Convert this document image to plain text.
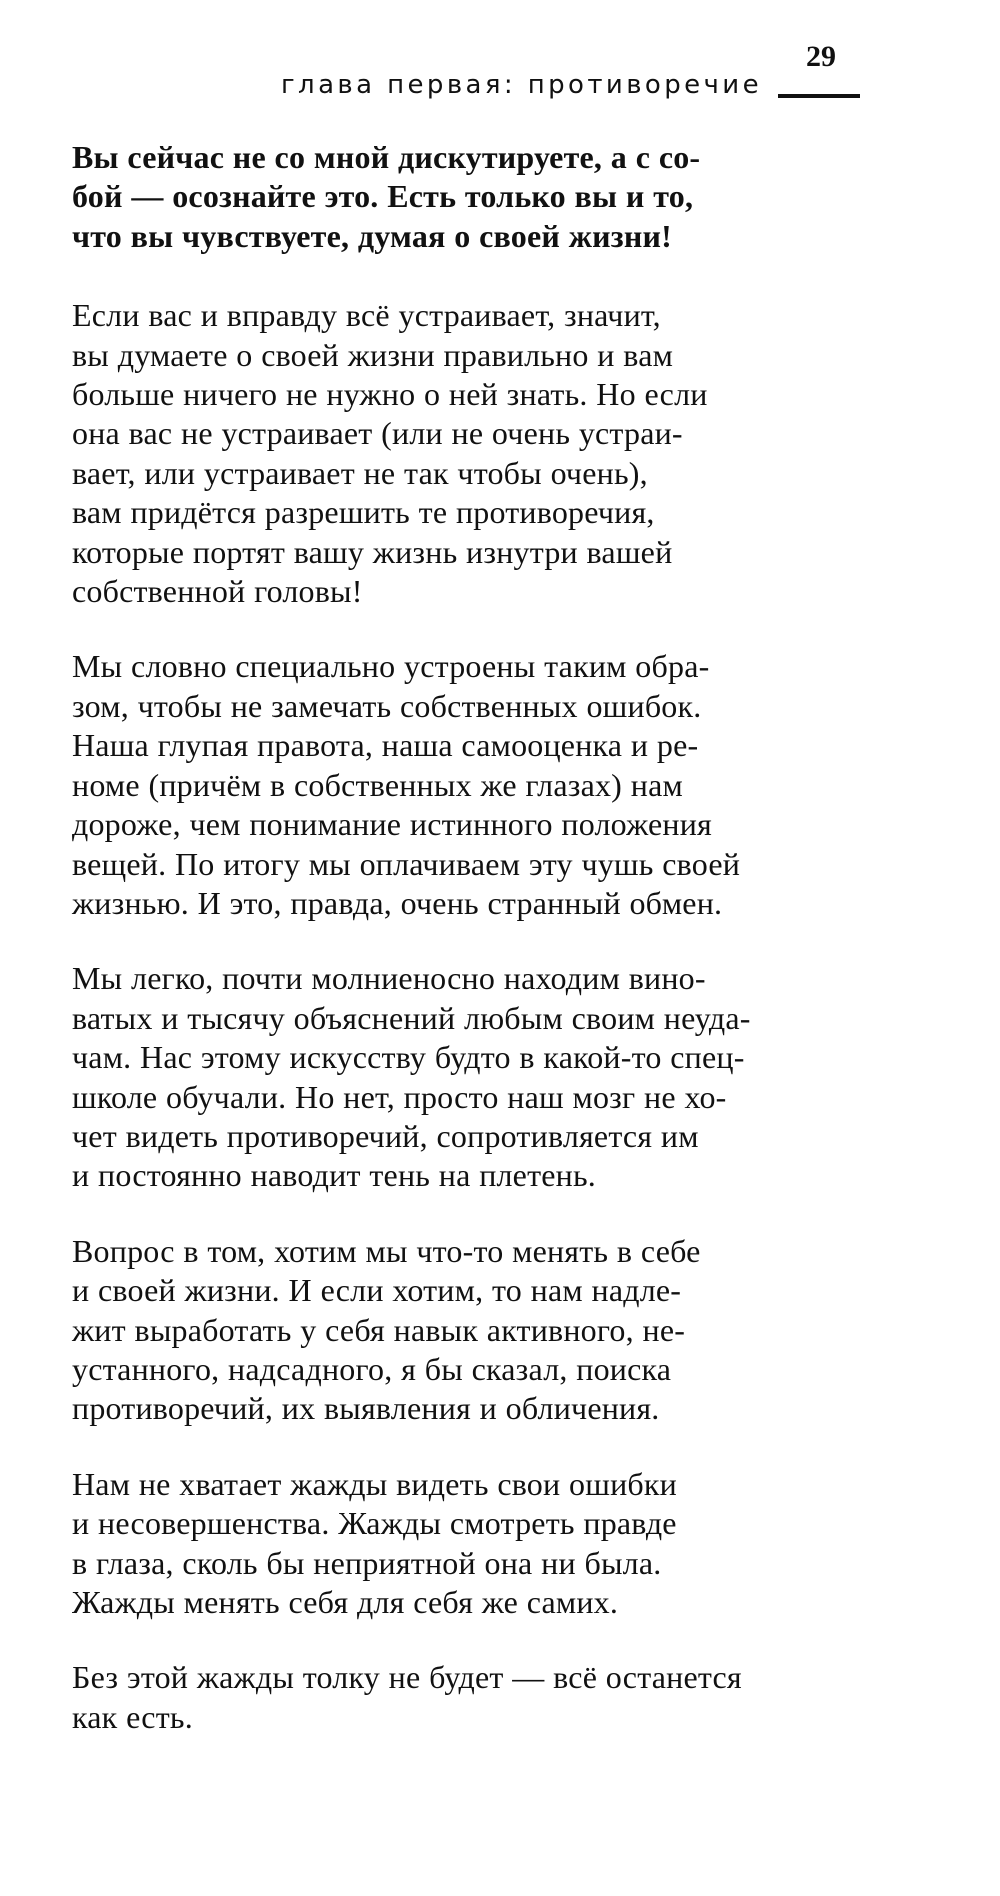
глава первая: противоречие
29

Вы сейчас не со мной дискутируете, а с со-
бой — осознайте это. Есть только вы и то,
что вы чувствуете, думая о своей жизни!

Если вас и вправду всё устраивает, значит,
вы думаете о своей жизни правильно и вам
больше ничего не нужно о ней знать. Но если
она вас не устраивает (или не очень устраи-
вает, или устраивает не так чтобы очень),
вам придётся разрешить те противоречия,
которые портят вашу жизнь изнутри вашей
собственной головы!

Мы словно специально устроены таким обра-
зом, чтобы не замечать собственных ошибок.
Наша глупая правота, наша самооценка и ре-
номе (причём в собственных же глазах) нам
дороже, чем понимание истинного положения
вещей. По итогу мы оплачиваем эту чушь своей
жизнью. И это, правда, очень странный обмен.

Мы легко, почти молниеносно находим вино-
ватых и тысячу объяснений любым своим неуда-
чам. Нас этому искусству будто в какой-то спец-
школе обучали. Но нет, просто наш мозг не хо-
чет видеть противоречий, сопротивляется им
и постоянно наводит тень на плетень.

Вопрос в том, хотим мы что-то менять в себе
и своей жизни. И если хотим, то нам надле-
жит выработать у себя навык активного, не-
устанного, надсадного, я бы сказал, поиска
противоречий, их выявления и обличения.

Нам не хватает жажды видеть свои ошибки
и несовершенства. Жажды смотреть правде
в глаза, сколь бы неприятной она ни была.
Жажды менять себя для себя же самих.

Без этой жажды толку не будет — всё останется
как есть.
